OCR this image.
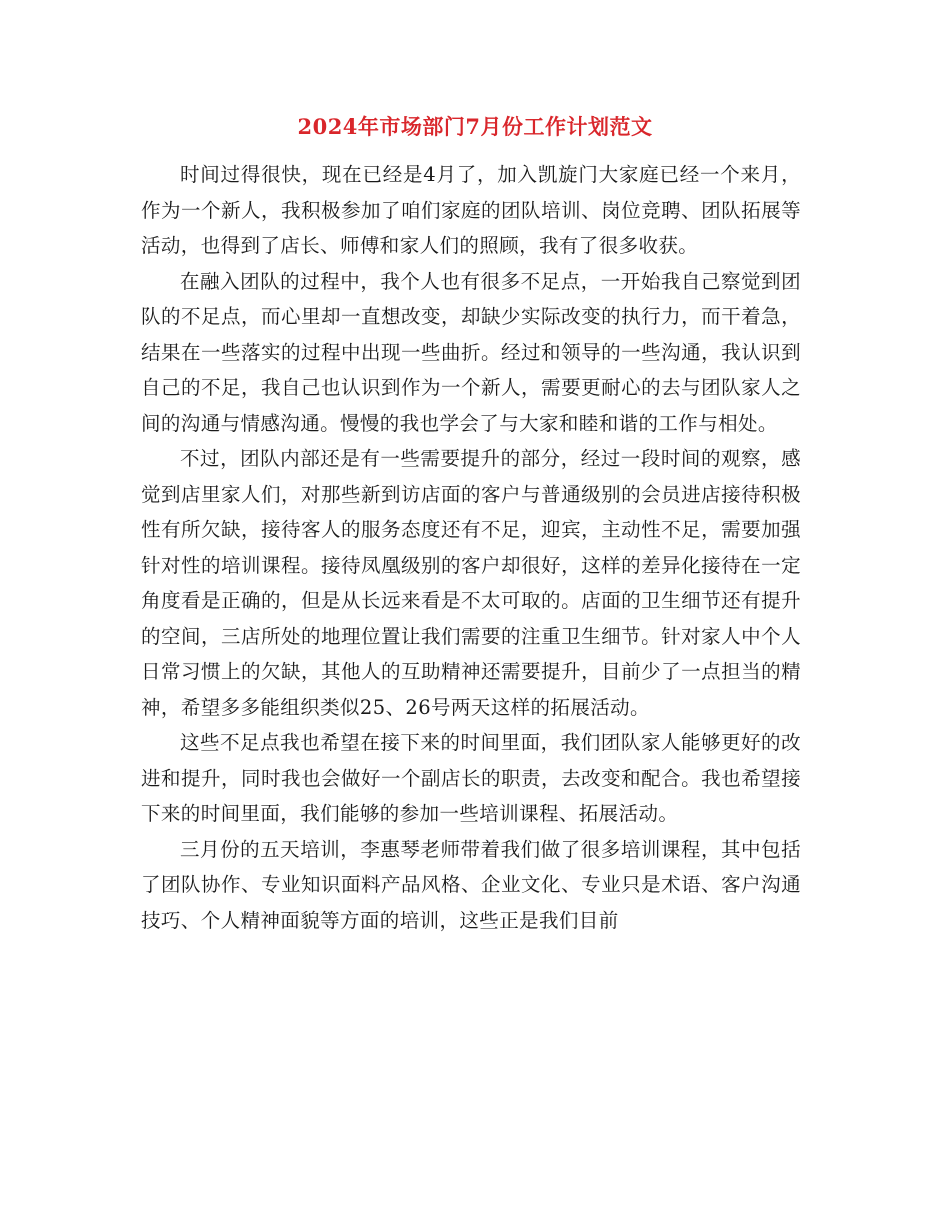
2024年市场部门7月份工作计划范文

时间过得很快，现在已经是4月了，加入凯旋门大家庭已经一个来月，作为一个新人，我积极参加了咱们家庭的团队培训、岗位竞聘、团队拓展等活动，也得到了店长、师傅和家人们的照顾，我有了很多收获。

在融入团队的过程中，我个人也有很多不足点，一开始我自己察觉到团队的不足点，而心里却一直想改变，却缺少实际改变的执行力，而干着急，结果在一些落实的过程中出现一些曲折。经过和领导的一些沟通，我认识到自己的不足，我自己也认识到作为一个新人，需要更耐心的去与团队家人之间的沟通与情感沟通。慢慢的我也学会了与大家和睦和谐的工作与相处。

不过，团队内部还是有一些需要提升的部分，经过一段时间的观察，感觉到店里家人们，对那些新到访店面的客户与普通级别的会员进店接待积极性有所欠缺，接待客人的服务态度还有不足，迎宾，主动性不足，需要加强针对性的培训课程。接待凤凰级别的客户却很好，这样的差异化接待在一定角度看是正确的，但是从长远来看是不太可取的。店面的卫生细节还有提升的空间，三店所处的地理位置让我们需要的注重卫生细节。针对家人中个人日常习惯上的欠缺，其他人的互助精神还需要提升，目前少了一点担当的精神，希望多多能组织类似25、26号两天这样的拓展活动。

这些不足点我也希望在接下来的时间里面，我们团队家人能够更好的改进和提升，同时我也会做好一个副店长的职责，去改变和配合。我也希望接下来的时间里面，我们能够的参加一些培训课程、拓展活动。

三月份的五天培训，李惠琴老师带着我们做了很多培训课程，其中包括了团队协作、专业知识面料产品风格、企业文化、专业只是术语、客户沟通技巧、个人精神面貌等方面的培训，这些正是我们目前
